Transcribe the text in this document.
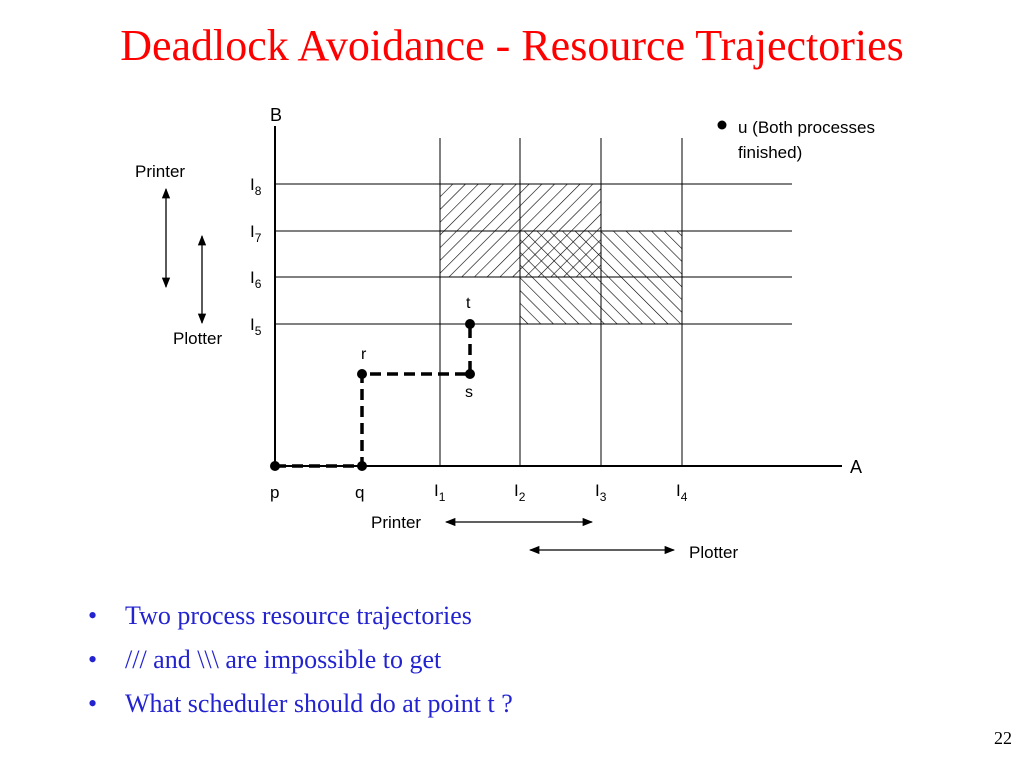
Deadlock Avoidance - Resource Trajectories
u (Both processes
finished)
B
A
$I_8$
$I_7$
$I_6$
$I_5$
$I_1$	$I_2$	$I_3$	$I_4$
p	q
r
s
t
Printer
Plotter
Printer
Plotter
• Two process resource trajectories
• /// and \\\ are impossible to get
• What scheduler should do at point t ?
22
